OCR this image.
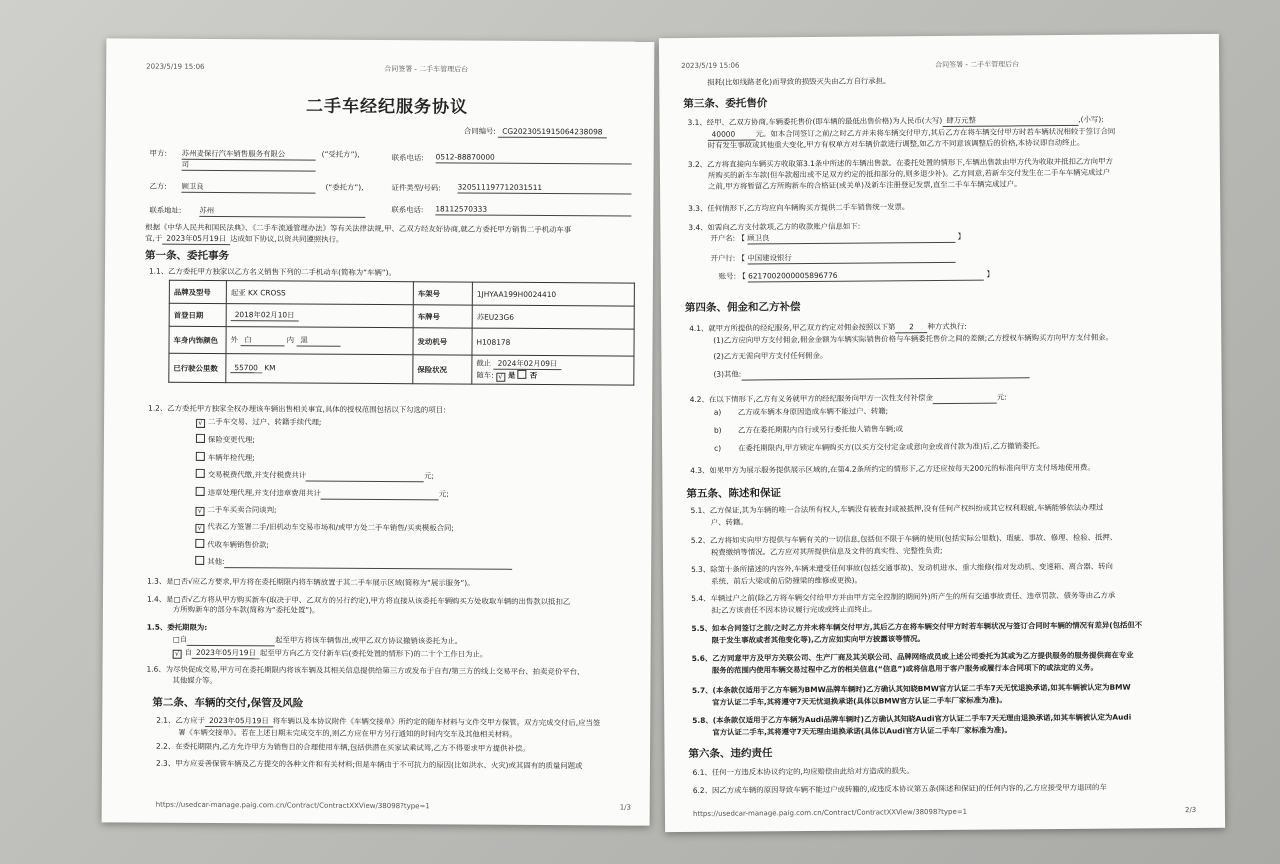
2023/5/19 15:06	合同签署 - 二手车管理后台
二手车经纪服务协议
合同编号: CG20230519150642380​98
甲方: 苏州麦保行汽车销售服务有限公
司
(“受托方”),	联系电话: 0512-88870000
乙方: 顾卫良	(“委托方”),	证件类型/号码: 320511197712031511
联系地址: 苏州	联系电话: 18112570333
根据《中华人民共和国民法典》、《二手车流通管理办法》等有关法律法规,甲、乙双方经友好协商,就乙方委托甲方销售二手机动车事
宜,于 2023年05月19日 达成如下协议,以资共同遵照执行。
第一条、委托事务
1.1、乙方委托甲方独家以乙方名义销售下列的二手机动车(简称为“车辆”)。
品牌及型号	起亚 KX CROSS	车架号	1JHYAA199H0024410
首登日期	2018年02月10日	车牌号	苏EU23G6
车身内饰颜色	外 白 内 黑	发动机号	H108178
已行驶公里数	55700 KM	保险状况	截止 2024年02月09日
随车: √ 是 否
1.2、乙方委托甲方独家全权办理该车辆出售相关事宜,具体的授权范围包括以下勾选的项目:
√ 二手车交易、过户、转籍手续代理;
保险变更代理;
车辆年检代理;
交易税费代缴,并支付税费共计	元;
违章处理代理,并支付违章费用共计	元;
√ 二手车买卖合同谈判;
√ 代表乙方签署二手/旧机动车交易市场和/或甲方处二手车销售/买卖模板合同;
代收车辆销售价款;
其他:
1.3、是□否√应乙方要求,甲方将在委托期限内将车辆放置于其二手车展示区域(简称为“展示服务”)。
1.4、是□否√乙方将从甲方购买新车(取决于甲、乙双方的另行约定),甲方将直接从该委托车辆购买方处收取车辆的出售款以抵扣乙
方所购新车的部分车款(简称为“委托处置”)。
1.5、委托期限为:
□自	起至甲方将该车辆售出,或甲乙双方协议撤销该委托为止。
√ 自 2023年05月19日 起至甲方向乙方交付新车后(委托处置的情形下)的二十个工作日为止。
1.6、为尽快促成交易,甲方可在委托期限内将该车辆及其相关信息提供给第三方或发布于自有/第三方的线上交易平台、拍卖竞价平台、
其他媒介等。
第二条、车辆的交付,保管及风险
2.1、乙方应于 2023年05月19日 将车辆以及本协议附件《车辆交接单》所约定的随车材料与文件交甲方保管。双方完成交付后,应当签
署《车辆交接单》。若在上述日期未完成交车的,则乙方应在甲方另行通知的时间内交车及其他相关材料。
2.2、在委托期限内,乙方允许甲方为销售目的合理使用车辆,包括供潜在买家试乘试驾,乙方不得要求甲方提供补偿。
2.3、甲方应妥善保管车辆及乙方提交的各种文件和有关材料;但是车辆由于不可抗力的原因(比如洪水、火灾)或其固有的质量问题或
https://usedcar-manage.paig.com.cn/Contract/ContractXXView/38098?type=1	1/3
2023/5/19 15:06	合同签署 - 二手车管理后台
损耗(比如线路老化)而导致的损毁灭失由乙方自行承担。
第三条、委托售价
3.1、经甲、乙双方协商,车辆委托售价(即车辆的最低出售价格)为人民币(大写) 肆万元整	,(小写):
40000	元。如本合同签订之前/之时乙方并未将车辆交付甲方,其后乙方在将车辆交付甲方时若车辆状况相较于签订合同
时有发生事故或其他重大变化,甲方有权单方对车辆价款进行调整,如乙方不同意该调整后的价格,本协议即自动终止。
3.2、乙方将直接向车辆买方收取第3.1条中所述的车辆出售款。在委托处置的情形下,车辆出售款由甲方代为收取并抵扣乙方向甲方
所购买的新车车款(但车款超出或不足双方约定的抵扣部分的,则多退少补)。乙方同意,若新车交付发生在二手车车辆完成过户
之前,甲方将暂留乙方所购新车的合格证(或关单)及新车注册登记发票,直至二手车车辆完成过户。
3.3、任何情形下,乙方均应向车辆购买方提供二手车销售统一发票。
3.4、如需向乙方支付款项,乙方的收款账户信息如下:
开户名: 【 顾卫良	】
开户行: 【 中国建设银行
账号: 【 6217002000005896776	】
第四条、佣金和乙方补偿
4.1、就甲方所提供的经纪服务,甲乙双方约定对佣金按照以下第 2 种方式执行:
(1)乙方应向甲方支付佣金,佣金金额为车辆实际销售价格与车辆委托售价之间的差额;乙方授权车辆购买方向甲方支付佣金。
(2)乙方无需向甲方支付任何佣金。
(3)其他:
4.2、在以下情形下,乙方有义务就甲方的经纪服务向甲方一次性支付补偿金	元:
a) 乙方或车辆本身原因造成车辆不能过户、转籍;
b) 乙方在委托期限内自行或另行委托他人销售车辆;或
c) 在委托期限内,甲方锁定车辆购买方(以买方交付定金或意向金或首付款为准)后,乙方撤销委托。
4.3、如果甲方为展示服务提供展示区域的,在第4.2条所约定的情形下,乙方还应按每天200元的标准向甲方支付场地使用费。
第五条、陈述和保证
5.1、乙方保证,其为车辆的唯一合法所有权人,车辆没有被查封或被抵押,没有任何产权纠纷或其它权利瑕疵,车辆能够依法办理过
户、转籍。
5.2、乙方将如实向甲方提供与车辆有关的一切信息,包括但不限于车辆的使用(包括实际公里数)、瑕疵、事故、修理、检验、抵押、
税费缴纳等情况。乙方应对其所提供信息及文件的真实性、完整性负责;
5.3、除第十条所描述的内容外,车辆未遭受任何事故(包括交通事故)、发动机进水、重大维修(指对发动机、变速箱、离合器、转向
系统、前后大梁或前后防撞梁的维修或更换)。
5.4、车辆过户之前(除乙方将车辆交付给甲方并由甲方完全控制的期间外)所产生的所有交通事故责任、违章罚款、债务等由乙方承
担;乙方该责任不因本协议履行完成或终止而终止。
5.5、如本合同签订之前/之时乙方并未将车辆交付甲方,其后乙方在将车辆交付甲方时若车辆状况与签订合同时车辆的情况有差异(包括但不
限于发生事故或者其他变化等),乙方应如实向甲方披露该等情况。
5.6、乙方同意甲方及甲方关联公司、生产厂商及其关联公司、品牌网络成员或上述公司委托为其或为乙方提供服务的服务提供商在专业
服务的范围内使用车辆交易过程中乙方的相关信息(“信息”)或将信息用于客户服务或履行本合同项下的或法定的义务。
5.7、(本条款仅适用于乙方车辆为BMW品牌车辆时)乙方确认其知晓BMW官方认证二手车7天无忧退换承诺,如其车辆被认定为BMW
官方认证二手车,其将遵守7天无忧退换承诺(具体以BMW官方认证二手车厂家标准为准)。
5.8、(本条款仅适用于乙方车辆为Audi品牌车辆时)乙方确认其知晓Audi官方认证二手车7天无理由退换承诺,如其车辆被认定为Audi
官方认证二手车,其将遵守7天无理由退换承诺(具体以Audi官方认证二手车厂家标准为准)。
第六条、违约责任
6.1、任何一方违反本协议约定的,均应赔偿由此给对方造成的损失。
6.2、因乙方或车辆的原因导致车辆不能过户或转籍的,或违反本协议第五条(陈述和保证)的任何内容的,乙方应接受甲方退回的车
https://usedcar-manage.paig.com.cn/Contract/ContractXXView/38098?type=1	2/3
